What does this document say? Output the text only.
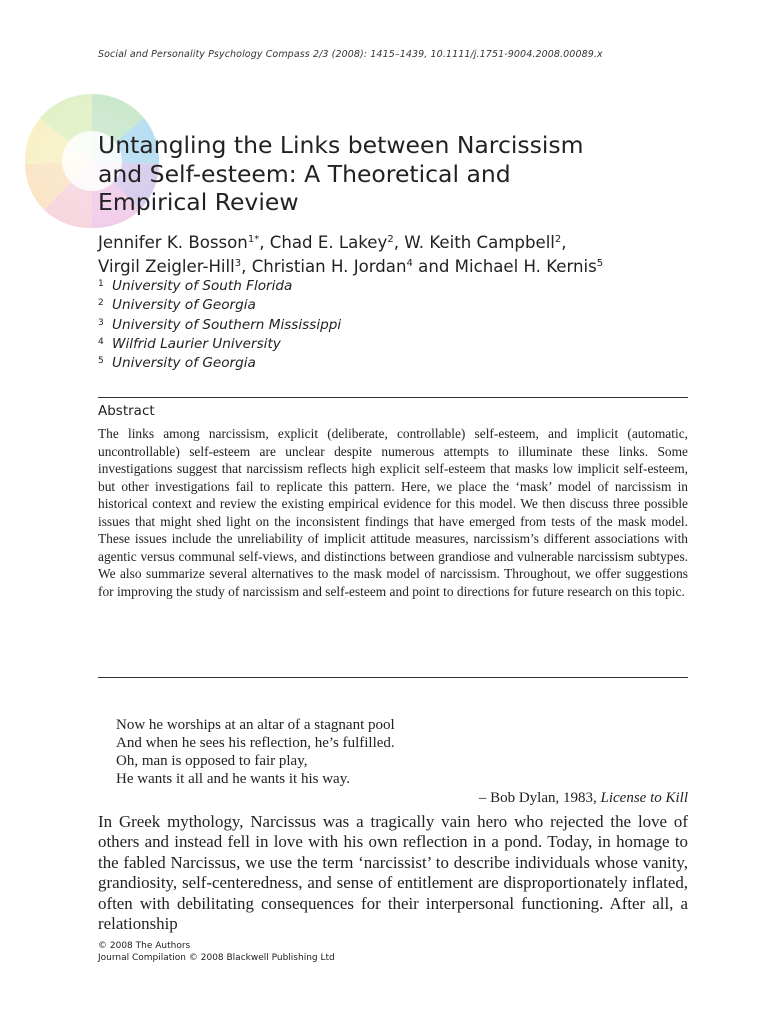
Social and Personality Psychology Compass 2/3 (2008): 1415–1439, 10.1111/j.1751-9004.2008.00089.x
Untangling the Links between Narcissism
and Self-esteem: A Theoretical and
Empirical Review
Jennifer K. Bosson$^{1*}$, Chad E. Lakey$^2$, W. Keith Campbell$^2$,
Virgil Zeigler-Hill$^3$, Christian H. Jordan$^4$ and Michael H. Kernis$^5$
1 University of South Florida
2 University of Georgia
3 University of Southern Mississippi
4 Wilfrid Laurier University
5 University of Georgia
Abstract

The links among narcissism, explicit (deliberate, controllable) self-esteem, and implicit (automatic, uncontrollable) self-esteem are unclear despite numerous attempts to illuminate these links. Some investigations suggest that narcissism reflects high explicit self-esteem that masks low implicit self-esteem, but other investigations fail to replicate this pattern. Here, we place the ‘mask’ model of narcissism in historical context and review the existing empirical evidence for this model. We then discuss three possible issues that might shed light on the inconsistent findings that have emerged from tests of the mask model. These issues include the unreliability of implicit attitude measures, narcissism’s different associations with agentic versus communal self-views, and distinctions between grandiose and vulnerable narcissism subtypes. We also summarize several alternatives to the mask model of narcissism. Throughout, we offer suggestions for improving the study of narcissism and self-esteem and point to directions for future research on this topic.

Now he worships at an altar of a stagnant pool
And when he sees his reflection, he’s fulfilled.
Oh, man is opposed to fair play,
He wants it all and he wants it his way.
– Bob Dylan, 1983, License to Kill

In Greek mythology, Narcissus was a tragically vain hero who rejected the love of others and instead fell in love with his own reflection in a pond. Today, in homage to the fabled Narcissus, we use the term ‘narcissist’ to describe individuals whose vanity, grandiosity, self-centeredness, and sense of entitlement are disproportionately inflated, often with debilitating consequences for their interpersonal functioning. After all, a relationship

© 2008 The Authors
Journal Compilation © 2008 Blackwell Publishing Ltd
